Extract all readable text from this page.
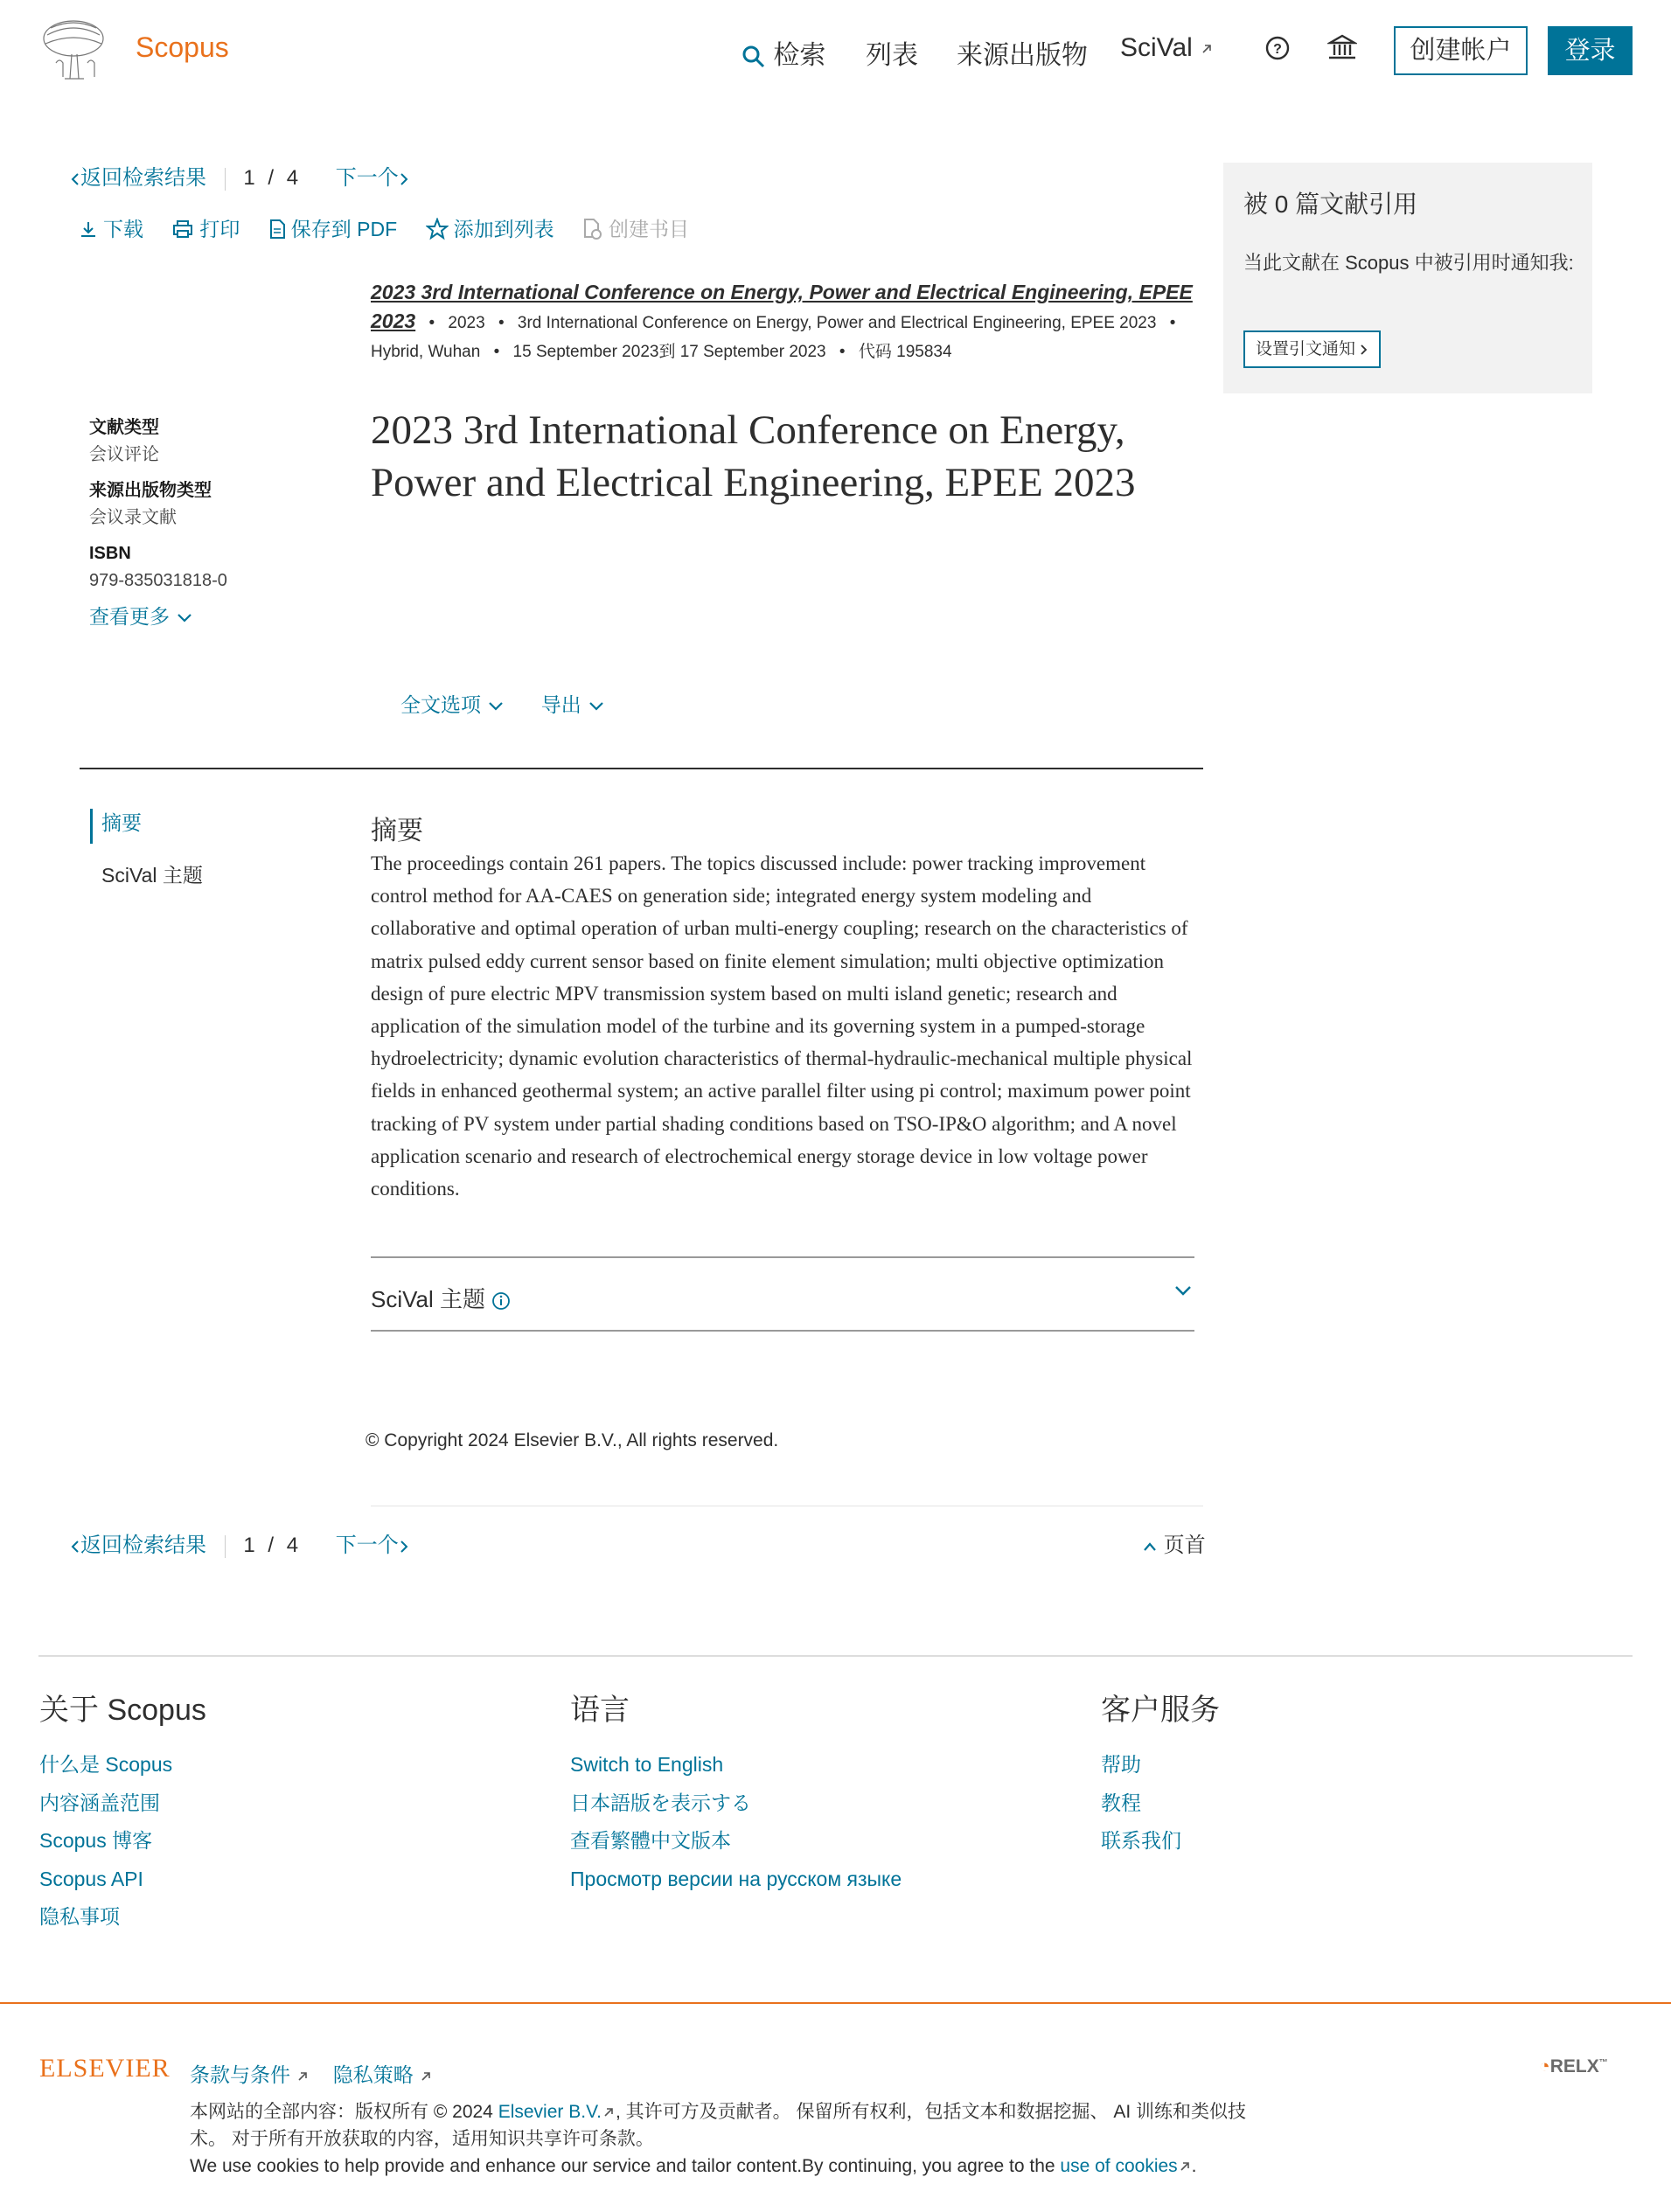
Scopus	检索 列表 来源出版物 SciVal	?	创建帐户	登录
返回检索结果 1 / 4 下一个
下载
	打印
	保存到 PDF
	添加到列表
	创建书目
2023 3rd International Conference on Energy, Power and Electrical Engineering, EPEE
2023 • 2023 • 3rd International Conference on Energy, Power and Electrical Engineering, EPEE 2023 •
Hybrid, Wuhan • 15 September 2023到 17 September 2023 • 代码 195834
文献类型
会议评论
来源出版物类型
会议录文献
ISBN
979-835031818-0
查看更多
2023 3rd International Conference on Energy, Power and Electrical Engineering, EPEE 2023
全文选项	导出
摘要
SciVal 主题
摘要

The proceedings contain 261 papers. The topics discussed include: power tracking improvement control method for AA-CAES on generation side; integrated energy system modeling and collaborative and optimal operation of urban multi-energy coupling; research on the characteristics of matrix pulsed eddy current sensor based on finite element simulation; multi objective optimization design of pure electric MPV transmission system based on multi island genetic; research and application of the simulation model of the turbine and its governing system in a pumped-storage hydroelectricity; dynamic evolution characteristics of thermal-hydraulic-mechanical multiple physical fields in enhanced geothermal system; an active parallel filter using pi control; maximum power point tracking of PV system under partial shading conditions based on TSO-IP&O algorithm; and A novel application scenario and research of electrochemical energy storage device in low voltage power conditions.

SciVal 主题
© Copyright 2024 Elsevier B.V., All rights reserved.
返回检索结果 1 / 4 下一个	页首
被 0 篇文献引用
当此文献在 Scopus 中被引用时通知我:
设置引文通知
关于 Scopus
什么是 Scopus
内容涵盖范围
Scopus 博客
Scopus API
隐私事项
语言
Switch to English
日本語版を表示する
查看繁體中文版本
Просмотр версии на русском языке
客户服务
帮助
教程
联系我们
ELSEVIER 条款与条件 隐私策略
本网站的全部内容：版权所有 © 2024 Elsevier B.V. , 其许可方及贡献者。 保留所有权利，包括文本和数据挖掘、 AI 训练和类似技术。 对于所有开放获取的内容，适用知识共享许可条款。
We use cookies to help provide and enhance our service and tailor content.By continuing, you agree to the use of cookies .
◔RELX™
